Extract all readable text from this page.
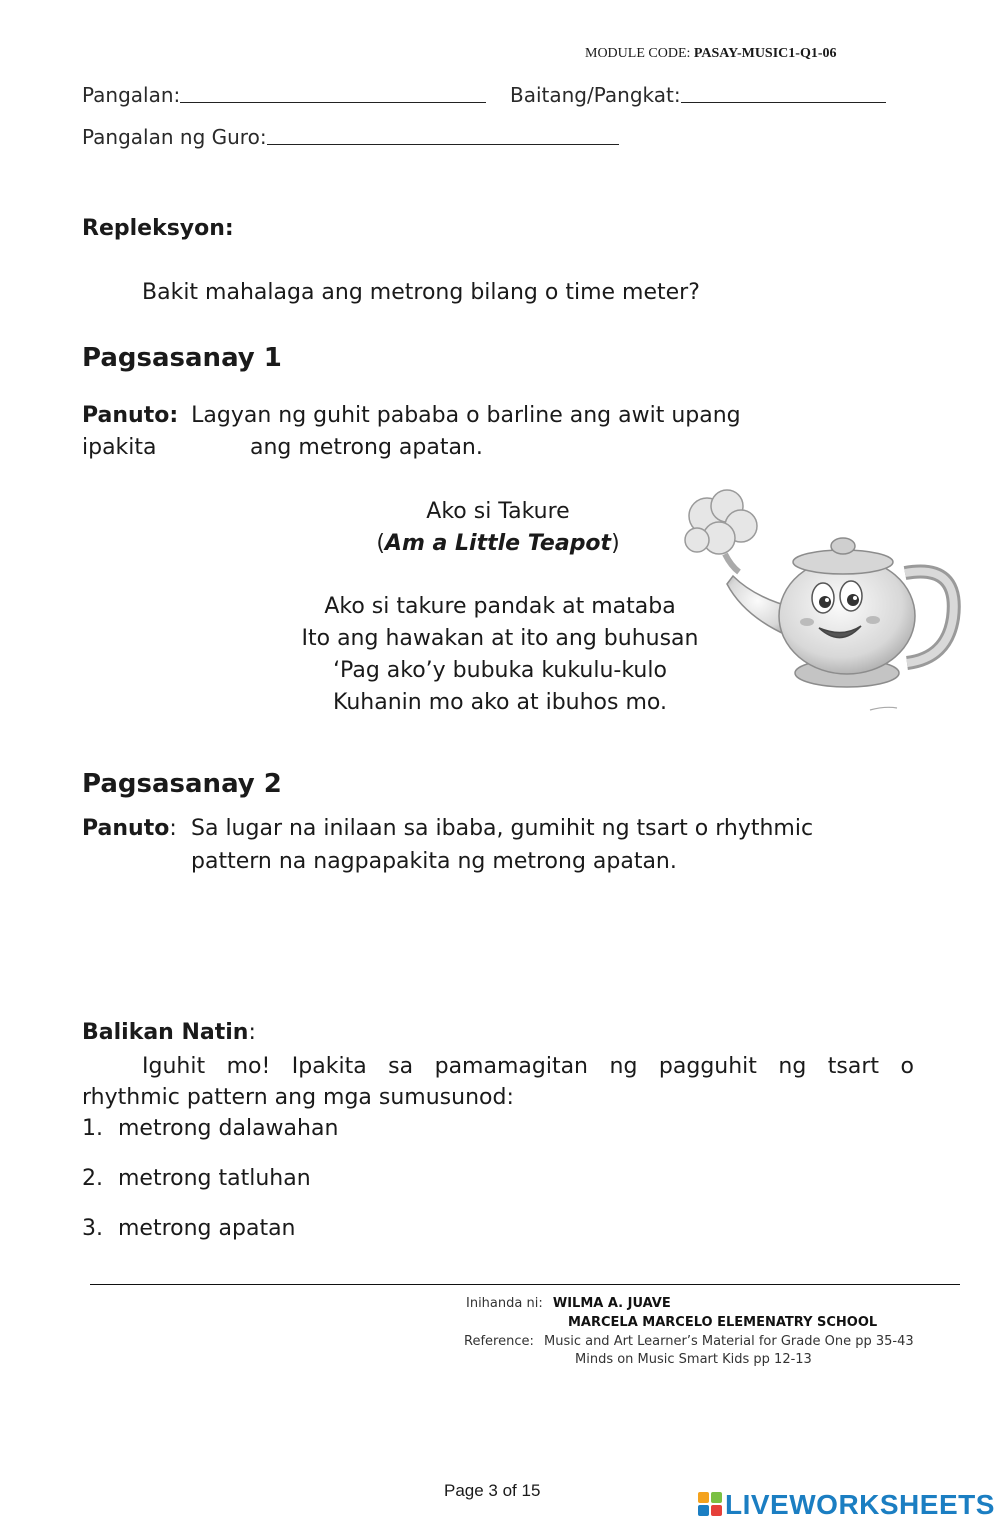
MODULE CODE: PASAY-MUSIC1-Q1-06
Pangalan:	Baitang/Pangkat:
Pangalan ng Guro:
Repleksyon:
Bakit mahalaga ang metrong bilang o time meter?
Pagsasanay 1
Panuto: Lagyan ng guhit pababa o barline ang awit upang
ipakita	ang metrong apatan.
Ako si Takure
(Am a Little Teapot)
Ako si takure pandak at mataba
Ito ang hawakan at ito ang buhusan
‘Pag ako’y bubuka kukulu-kulo
Kuhanin mo ako at ibuhos mo.
Pagsasanay 2
Panuto: Sa lugar na inilaan sa ibaba, gumihit ng tsart o rhythmic
pattern na nagpapakita ng metrong apatan.
Balikan Natin:
Iguhit mo! Ipakita sa pamamagitan ng pagguhit ng tsart o
rhythmic pattern ang mga sumusunod:
1. metrong dalawahan
2. metrong tatluhan
3. metrong apatan
Inihanda ni: WILMA A. JUAVE
MARCELA MARCELO ELEMENATRY SCHOOL
Reference: Music and Art Learner’s Material for Grade One pp 35-43
Minds on Music Smart Kids pp 12-13
Page 3 of 15	LIVEWORKSHEETS
